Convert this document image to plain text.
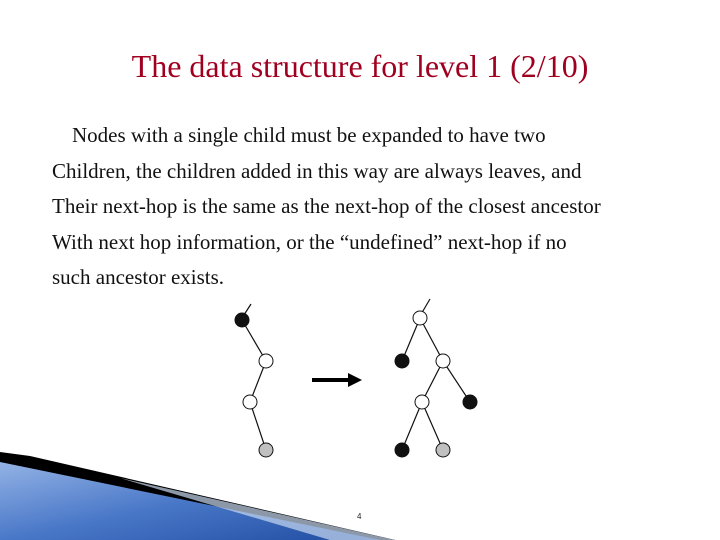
The data structure for level 1 (2/10)
Nodes with a single child must be expanded to have two
Children, the children added in this way are always leaves, and
Their next-hop is the same as the next-hop of the closest ancestor
With next hop information, or the “undefined” next-hop if no
such ancestor exists.
4
